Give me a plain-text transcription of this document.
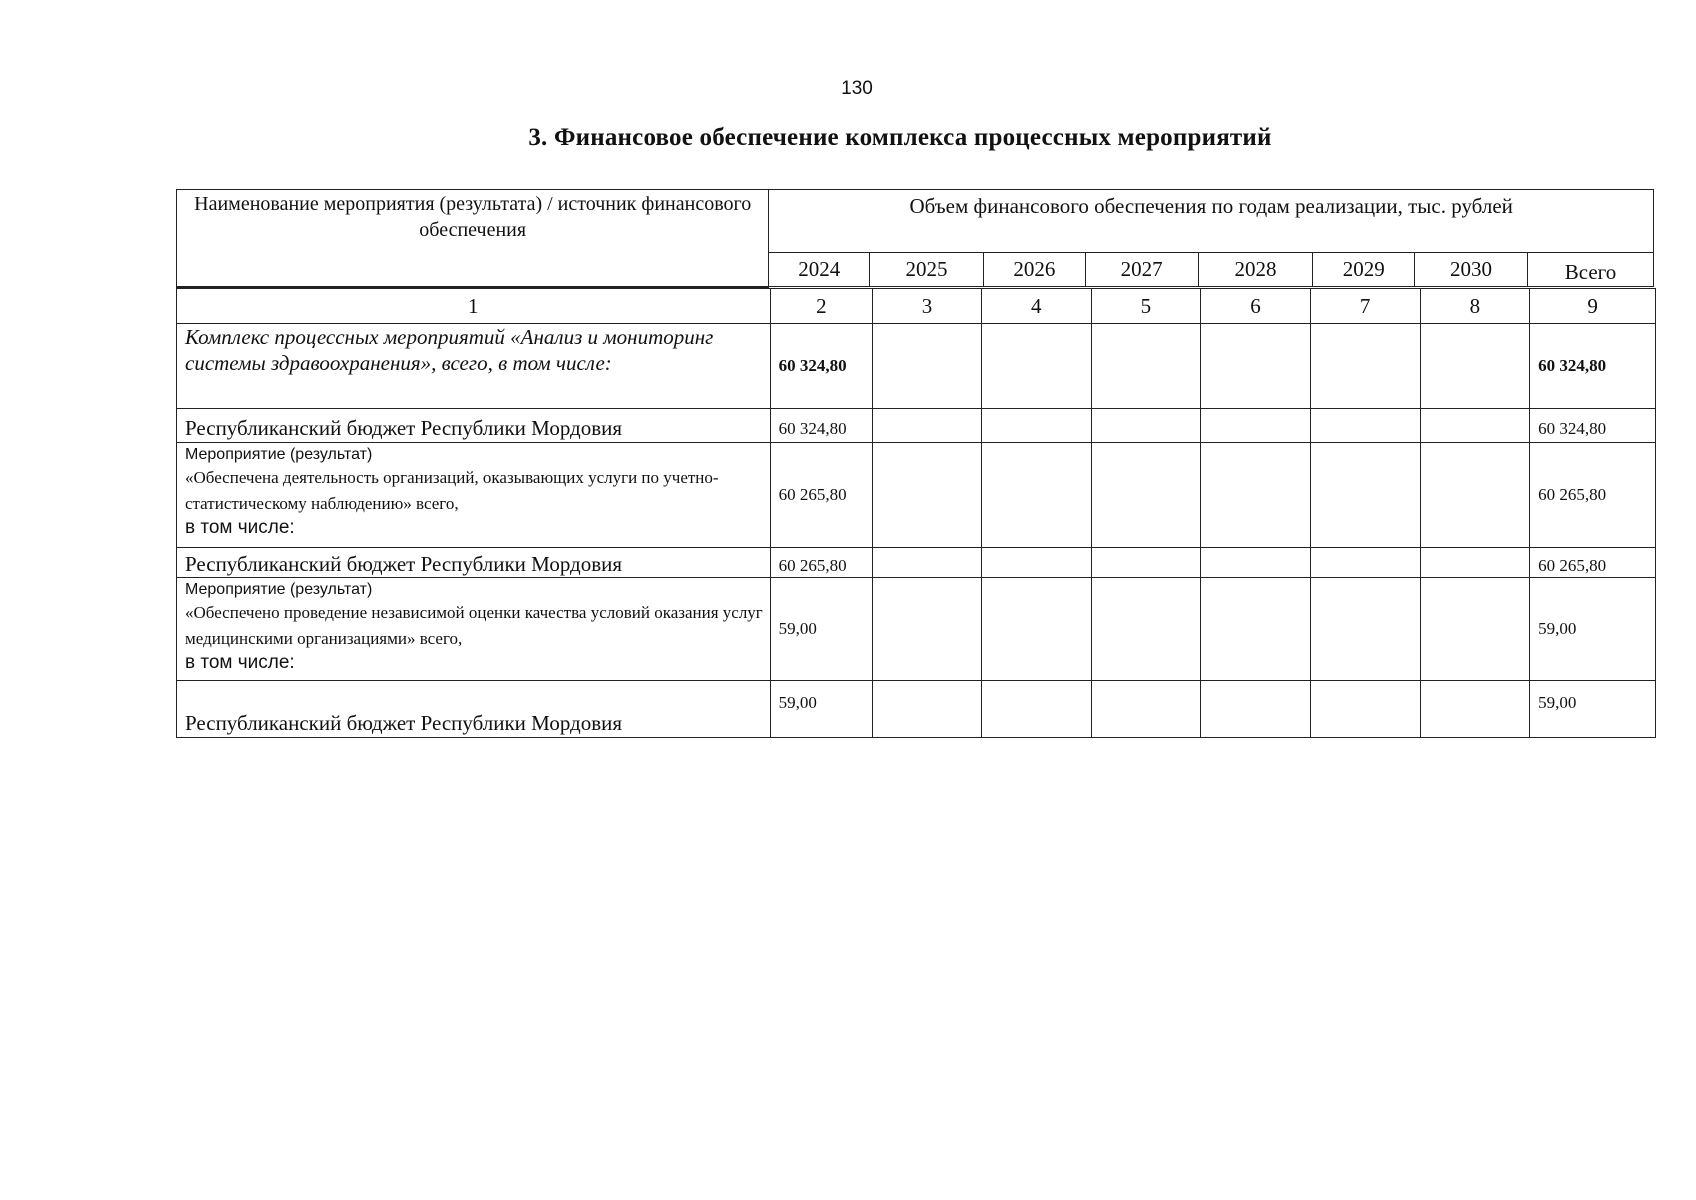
130
3. Финансовое обеспечение комплекса процессных мероприятий
Наименование мероприятия (результата) / источник финансового обеспечения	Объем финансового обеспечения по годам реализации, тыс. рублей							
	2024	2025	2026	2027	2028	2029	2030	Всего
1	2	3	4	5	6	7	8	9
Комплекс процессных мероприятий «Анализ и мониторинг системы здравоохранения», всего, в том числе:	60 324,80							60 324,80
Республиканский бюджет Республики Мордовия	60 324,80							60 324,80

Мероприятие (результат)
«Обеспечена деятельность организаций, оказывающих услуги по учетно-статистическому наблюдению» всего,
в том числе:	60 265,80							60 265,80
Республиканский бюджет Республики Мордовия	60 265,80							60 265,80

Мероприятие (результат)
«Обеспечено проведение независимой оценки качества условий оказания услуг медицинскими организациями» всего,
в том числе:	59,00							59,00
Республиканский бюджет Республики Мордовия	59,00							59,00
